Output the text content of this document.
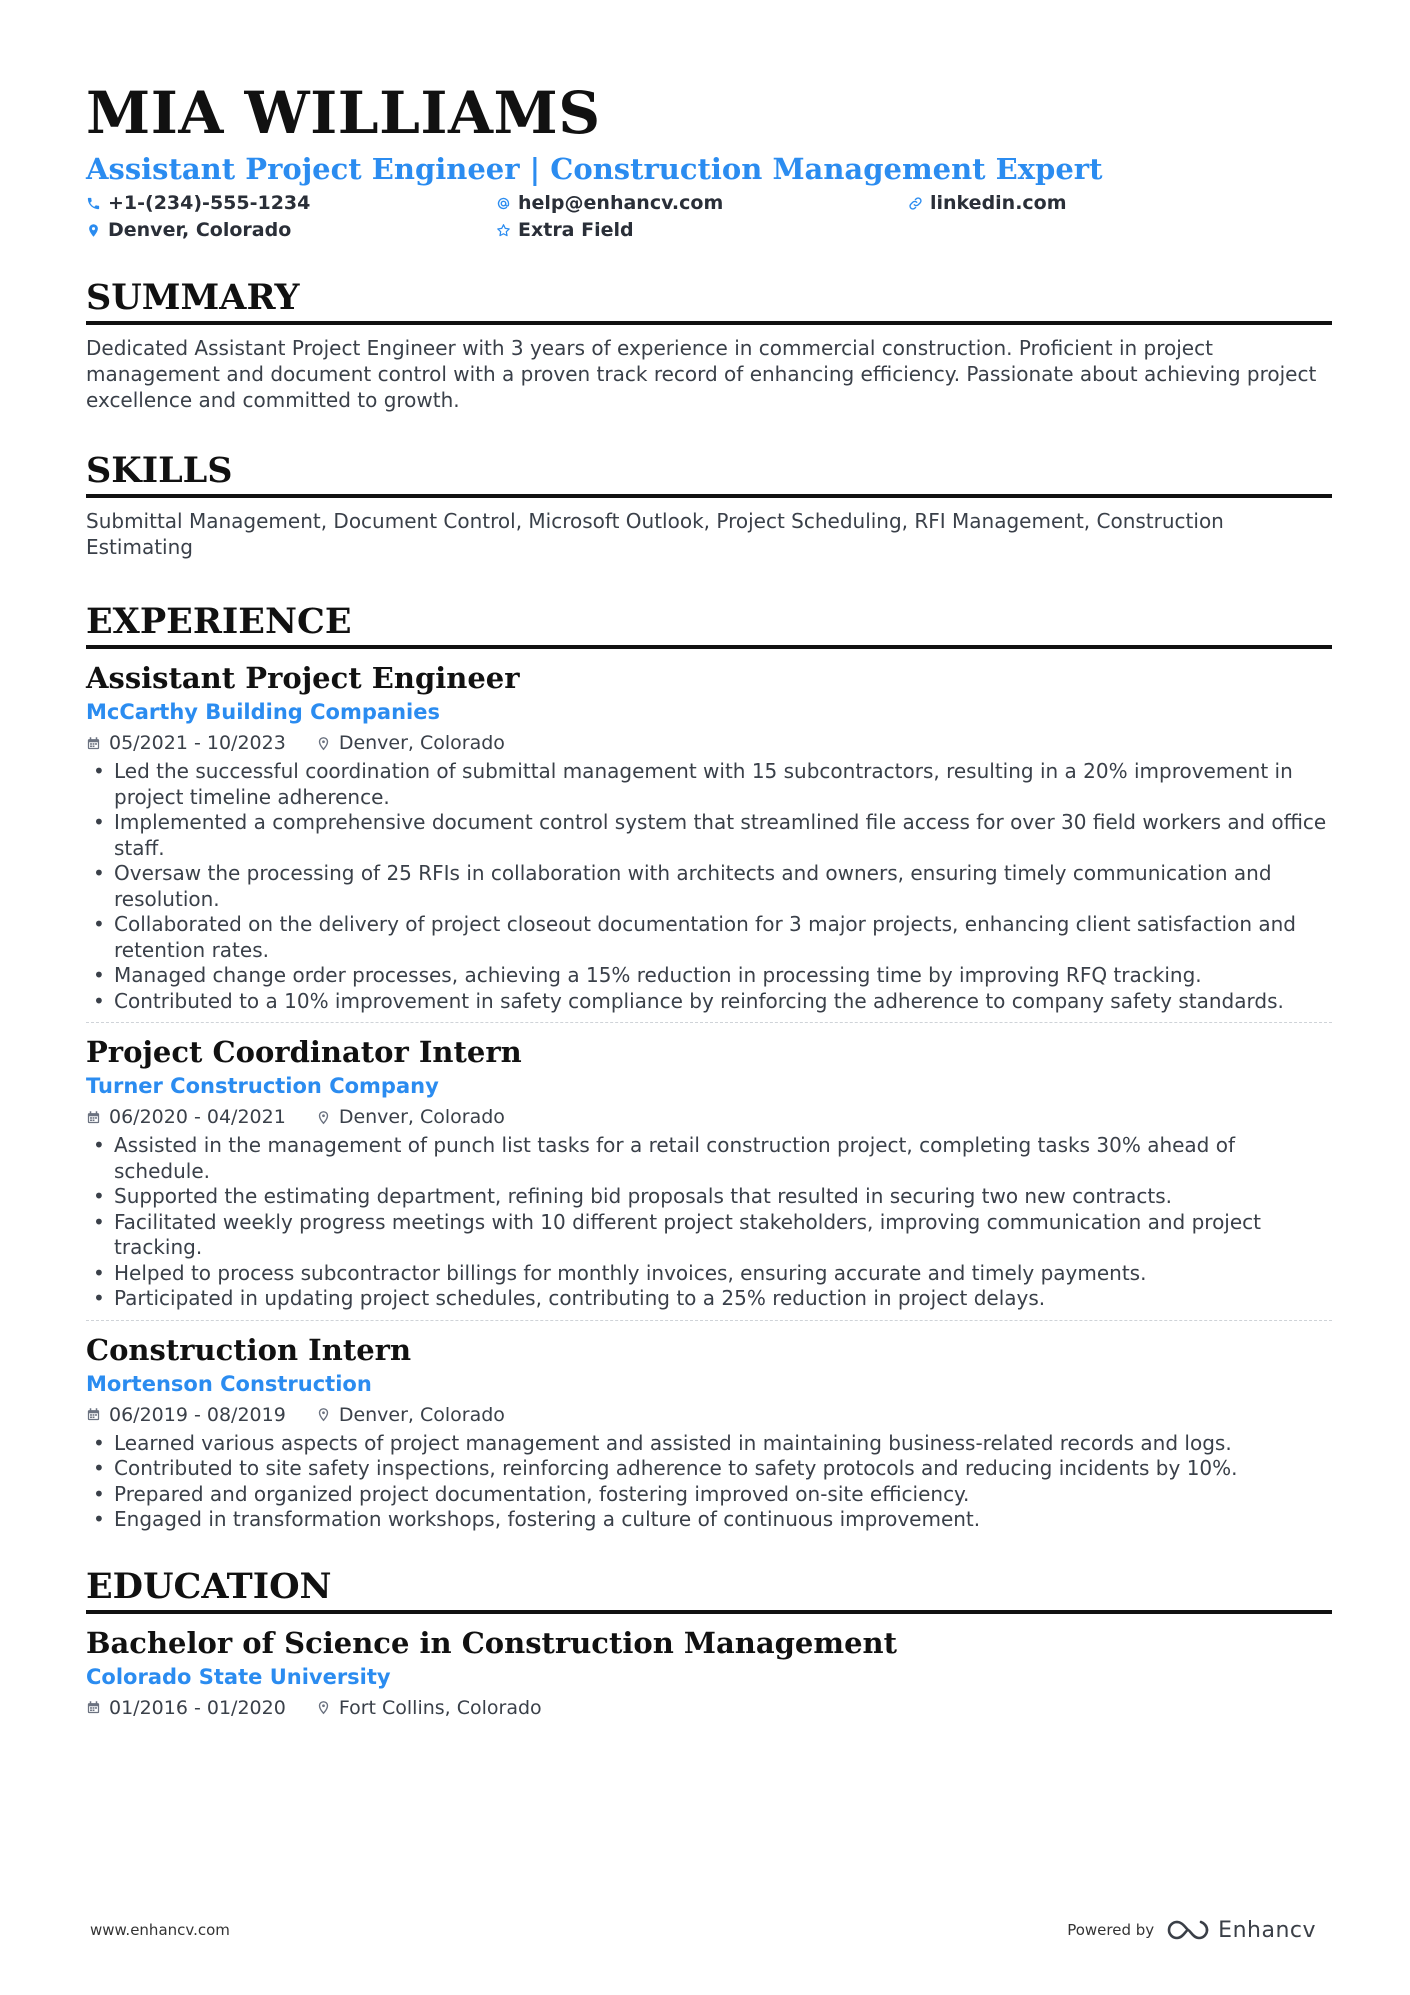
MIA WILLIAMS
Assistant Project Engineer | Construction Management Expert
+1-(234)-555-1234	help@enhancv.com	linkedin.com
Denver, Colorado	Extra Field
SUMMARY

Dedicated Assistant Project Engineer with 3 years of experience in commercial construction. Proficient in project management and document control with a proven track record of enhancing efficiency. Passionate about achieving project excellence and committed to growth.

SKILLS

Submittal Management, Document Control, Microsoft Outlook, Project Scheduling, RFI Management, Construction Estimating

EXPERIENCE
Assistant Project Engineer
McCarthy Building Companies
05/2021 - 10/2023	Denver, Colorado
• Led the successful coordination of submittal management with 15 subcontractors, resulting in a 20% improvement in project timeline adherence.
• Implemented a comprehensive document control system that streamlined file access for over 30 field workers and office staff.
• Oversaw the processing of 25 RFIs in collaboration with architects and owners, ensuring timely communication and resolution.
• Collaborated on the delivery of project closeout documentation for 3 major projects, enhancing client satisfaction and retention rates.
• Managed change order processes, achieving a 15% reduction in processing time by improving RFQ tracking.
• Contributed to a 10% improvement in safety compliance by reinforcing the adherence to company safety standards.
Project Coordinator Intern
Turner Construction Company
06/2020 - 04/2021	Denver, Colorado
• Assisted in the management of punch list tasks for a retail construction project, completing tasks 30% ahead of schedule.
• Supported the estimating department, refining bid proposals that resulted in securing two new contracts.
• Facilitated weekly progress meetings with 10 different project stakeholders, improving communication and project tracking.
• Helped to process subcontractor billings for monthly invoices, ensuring accurate and timely payments.
• Participated in updating project schedules, contributing to a 25% reduction in project delays.
Construction Intern
Mortenson Construction
06/2019 - 08/2019	Denver, Colorado
• Learned various aspects of project management and assisted in maintaining business-related records and logs.
• Contributed to site safety inspections, reinforcing adherence to safety protocols and reducing incidents by 10%.
• Prepared and organized project documentation, fostering improved on-site efficiency.
• Engaged in transformation workshops, fostering a culture of continuous improvement.
EDUCATION
Bachelor of Science in Construction Management
Colorado State University
01/2016 - 01/2020	Fort Collins, Colorado
www.enhancv.com	Powered by	Enhancv
